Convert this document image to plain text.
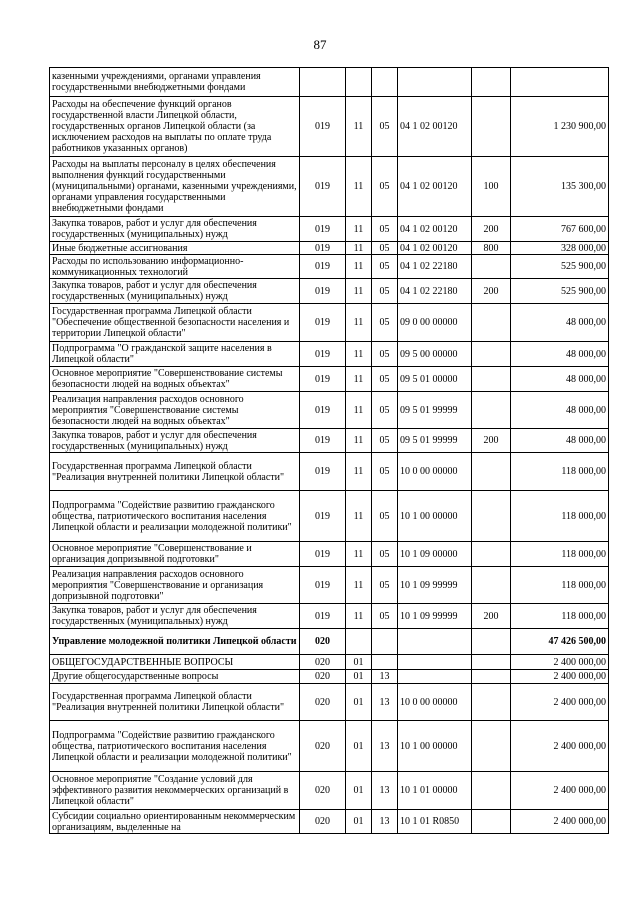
87
казенными учреждениями, органами управления государственными внебюджетными фондами						
Расходы на обеспечение функций органов государственной власти Липецкой области, государственных органов Липецкой области (за исключением расходов на выплаты по оплате труда работников указанных органов)	019	11	05	04 1 02 00120		1 230 900,00
Расходы на выплаты персоналу в целях обеспечения выполнения функций государственными (муниципальными) органами, казенными учреждениями, органами управления государственными внебюджетными фондами	019	11	05	04 1 02 00120	100	135 300,00
Закупка товаров, работ и услуг для обеспечения государственных (муниципальных) нужд	019	11	05	04 1 02 00120	200	767 600,00
Иные бюджетные ассигнования	019	11	05	04 1 02 00120	800	328 000,00
Расходы по использованию информационно-коммуникационных технологий	019	11	05	04 1 02 22180		525 900,00
Закупка товаров, работ и услуг для обеспечения государственных (муниципальных) нужд	019	11	05	04 1 02 22180	200	525 900,00
Государственная программа Липецкой области "Обеспечение общественной безопасности населения и территории Липецкой области"	019	11	05	09 0 00 00000		48 000,00
Подпрограмма "О гражданской защите населения в Липецкой области"	019	11	05	09 5 00 00000		48 000,00
Основное мероприятие "Совершенствование системы безопасности людей на водных объектах"	019	11	05	09 5 01 00000		48 000,00
Реализация направления расходов основного мероприятия "Совершенствование системы безопасности людей на водных объектах"	019	11	05	09 5 01 99999		48 000,00
Закупка товаров, работ и услуг для обеспечения государственных (муниципальных) нужд	019	11	05	09 5 01 99999	200	48 000,00
Государственная программа Липецкой области "Реализация внутренней политики Липецкой области"	019	11	05	10 0 00 00000		118 000,00
Подпрограмма "Содействие развитию гражданского общества, патриотического воспитания населения Липецкой области и реализации молодежной политики"	019	11	05	10 1 00 00000		118 000,00
Основное мероприятие "Совершенствование и организация допризывной подготовки"	019	11	05	10 1 09 00000		118 000,00
Реализация направления расходов основного мероприятия "Совершенствование и организация допризывной подготовки"	019	11	05	10 1 09 99999		118 000,00
Закупка товаров, работ и услуг для обеспечения государственных (муниципальных) нужд	019	11	05	10 1 09 99999	200	118 000,00
Управление молодежной политики Липецкой области	020					47 426 500,00
ОБЩЕГОСУДАРСТВЕННЫЕ ВОПРОСЫ	020	01				2 400 000,00
Другие общегосударственные вопросы	020	01	13			2 400 000,00
Государственная программа Липецкой области "Реализация внутренней политики Липецкой области"	020	01	13	10 0 00 00000		2 400 000,00
Подпрограмма "Содействие развитию гражданского общества, патриотического воспитания населения Липецкой области и реализации молодежной политики"	020	01	13	10 1 00 00000		2 400 000,00
Основное мероприятие "Создание условий для эффективного развития некоммерческих организаций в Липецкой области"	020	01	13	10 1 01 00000		2 400 000,00
Субсидии социально ориентированным некоммерческим организациям, выделенные на	020	01	13	10 1 01 R0850		2 400 000,00
